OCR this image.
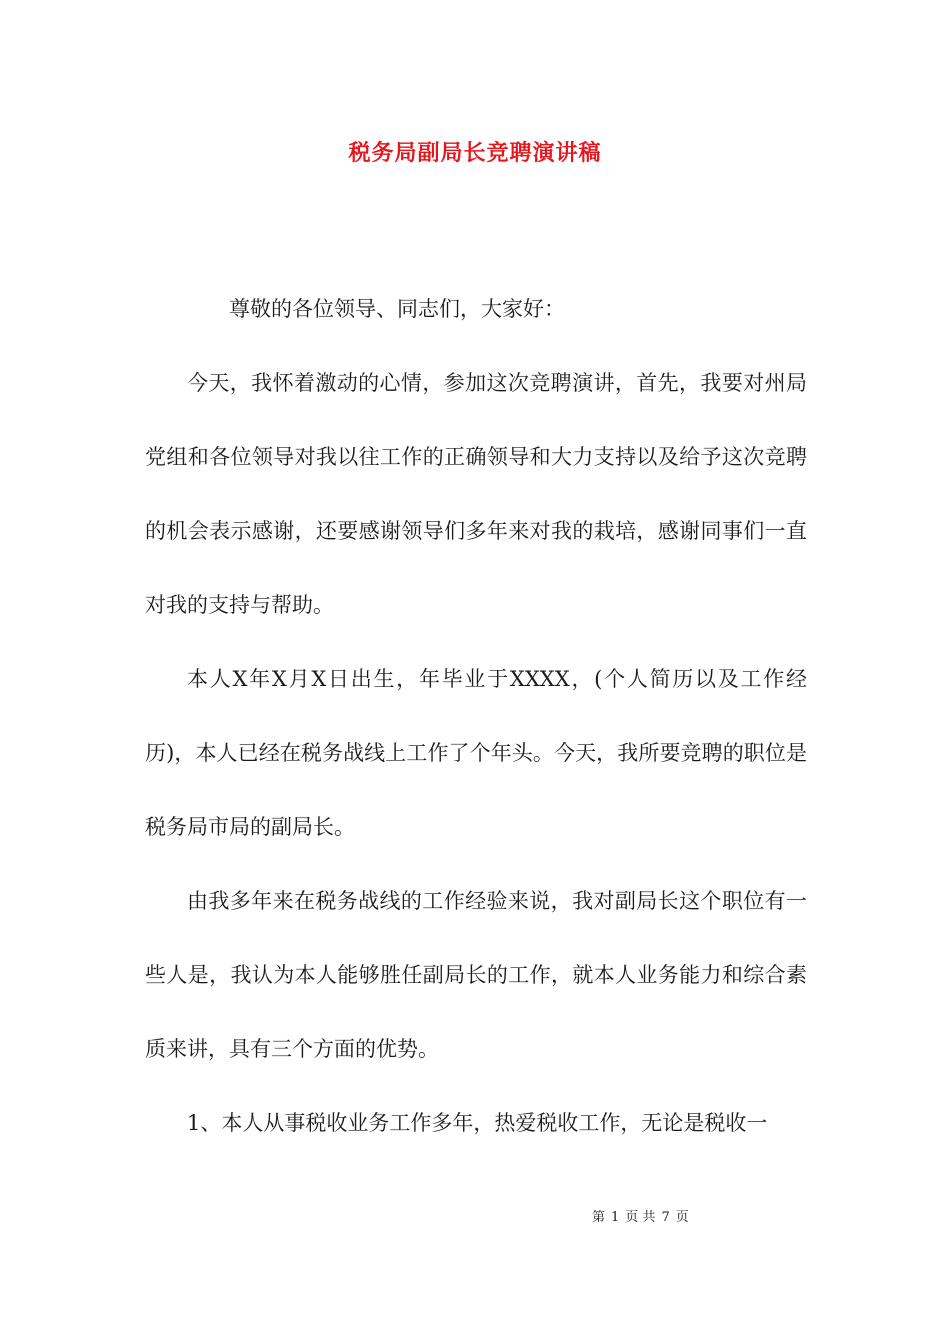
税务局副局长竞聘演讲稿

尊敬的各位领导、同志们，大家好：

今天，我怀着激动的心情，参加这次竞聘演讲，首先，我要对州局党组和各位领导对我以往工作的正确领导和大力支持以及给予这次竞聘的机会表示感谢，还要感谢领导们多年来对我的栽培，感谢同事们一直对我的支持与帮助。

本人X年X月X日出生，年毕业于XXXX，(个人简历以及工作经历)，本人已经在税务战线上工作了个年头。今天，我所要竞聘的职位是税务局市局的副局长。

由我多年来在税务战线的工作经验来说，我对副局长这个职位有一些人是，我认为本人能够胜任副局长的工作，就本人业务能力和综合素质来讲，具有三个方面的优势。

1、本人从事税收业务工作多年，热爱税收工作，无论是税收一

第 1 页 共 7 页
